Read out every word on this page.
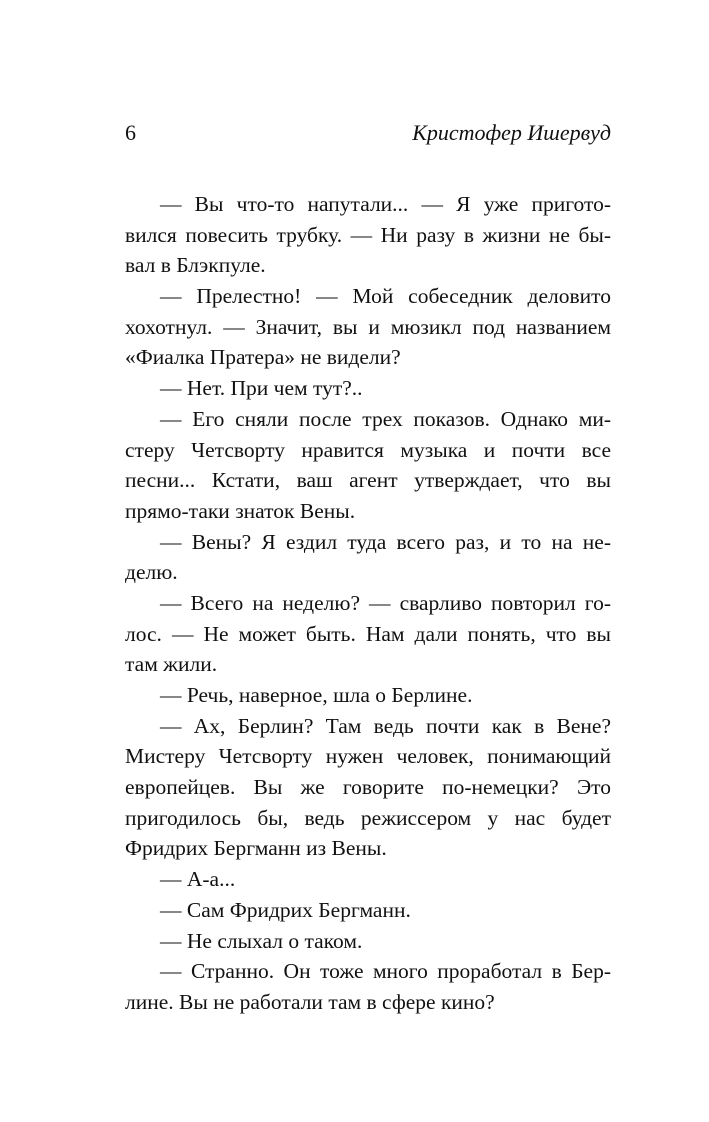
6	Кристофер Ишервуд
— Вы что-то напутали... — Я уже пригото-
вился повесить трубку. — Ни разу в жизни не бы-
вал в Блэкпуле.
— Прелестно! — Мой собеседник деловито
хохотнул. — Значит, вы и мюзикл под названием
«Фиалка Пратера» не видели?
— Нет. При чем тут?..
— Его сняли после трех показов. Однако ми-
стеру Четсворту нравится музыка и почти все
песни... Кстати, ваш агент утверждает, что вы
прямо-таки знаток Вены.
— Вены? Я ездил туда всего раз, и то на не-
делю.
— Всего на неделю? — сварливо повторил го-
лос. — Не может быть. Нам дали понять, что вы
там жили.
— Речь, наверное, шла о Берлине.
— Ах, Берлин? Там ведь почти как в Вене?
Мистеру Четсворту нужен человек, понимающий
европейцев. Вы же говорите по-немецки? Это
пригодилось бы, ведь режиссером у нас будет
Фридрих Бергманн из Вены.
— А-а...
— Сам Фридрих Бергманн.
— Не слыхал о таком.
— Странно. Он тоже много проработал в Бер-
лине. Вы не работали там в сфере кино?
